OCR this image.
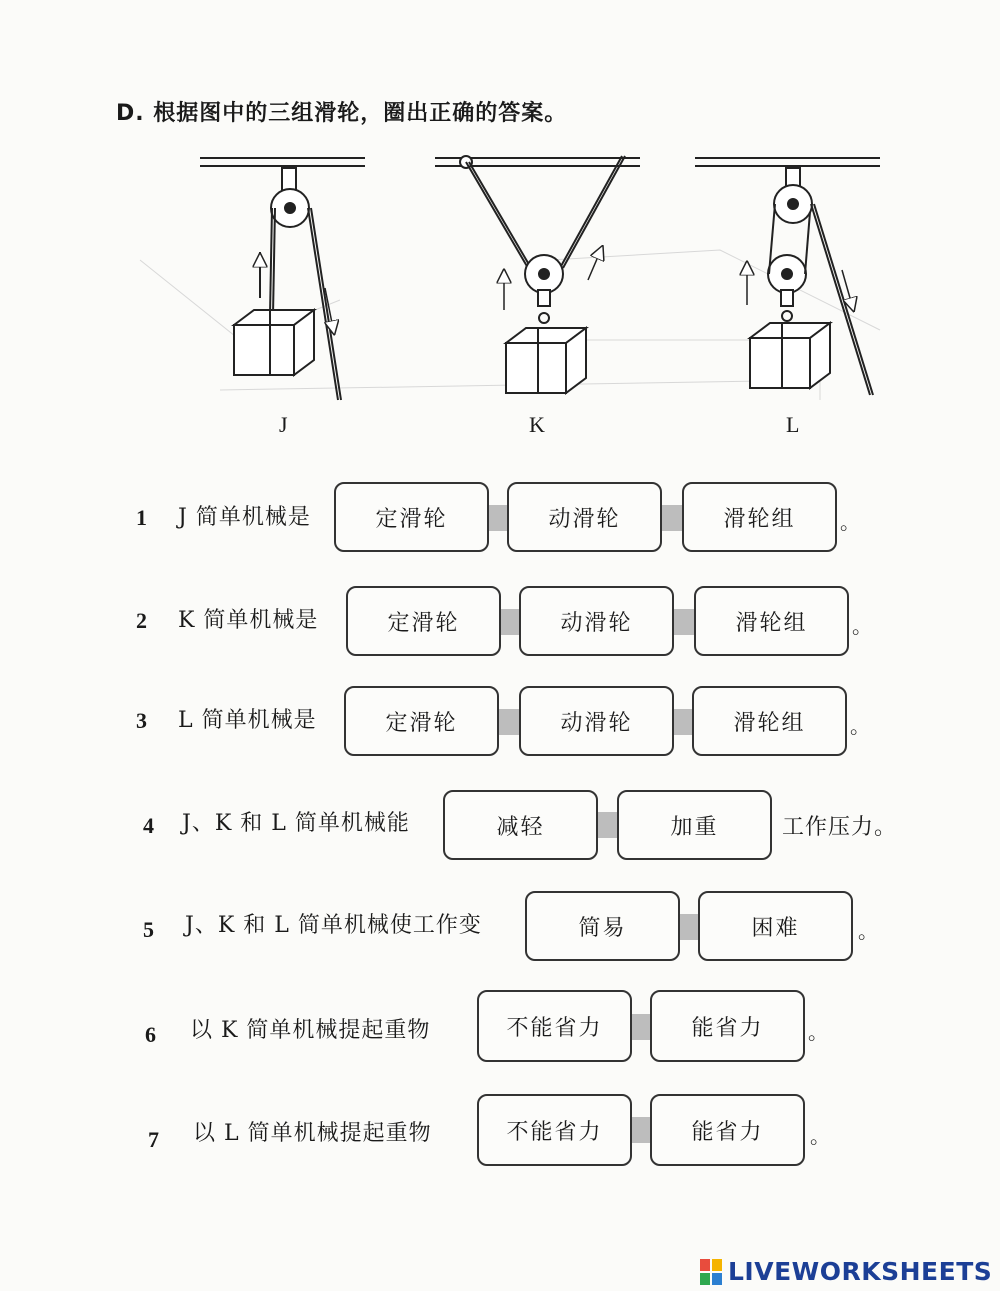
D. 根据图中的三组滑轮，圈出正确的答案。
J	K	L
1 J 简单机械是	定滑轮	动滑轮	滑轮组	。
2 K 简单机械是	定滑轮	动滑轮	滑轮组	。
3 L 简单机械是	定滑轮	动滑轮	滑轮组	。
4 J、K 和 L 简单机械能	减轻	加重	工作压力。
5 J、K 和 L 简单机械使工作变	简易	困难	。
6 以 K 简单机械提起重物	不能省力	能省力	。
7 以 L 简单机械提起重物	不能省力	能省力	。
LIVEWORKSHEETS
